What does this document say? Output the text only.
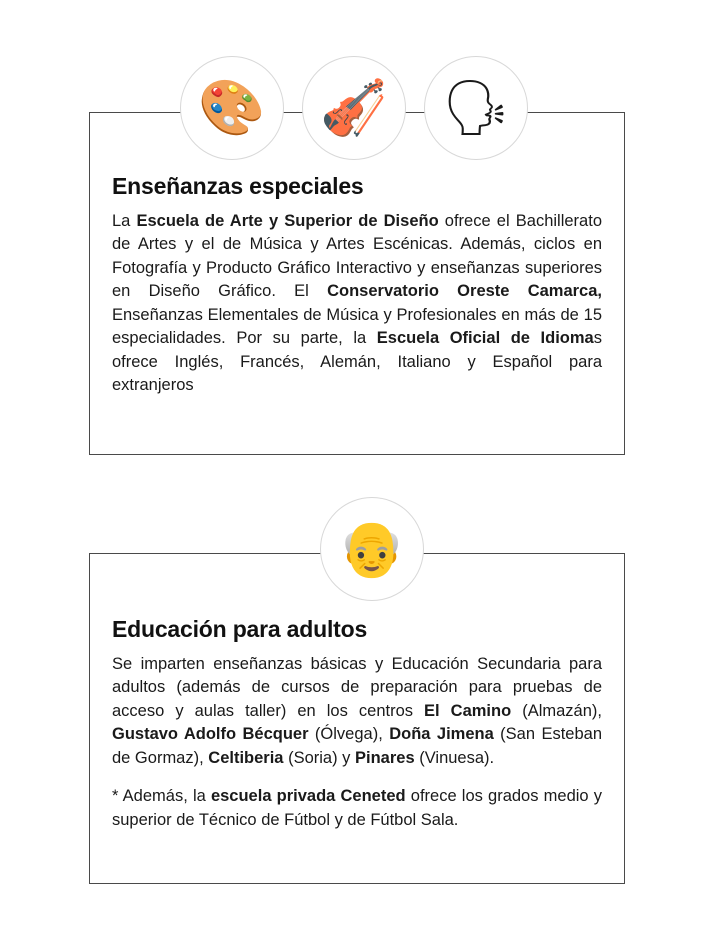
🎨	🎻	🗣
Enseñanzas especiales

La Escuela de Arte y Superior de Diseño ofrece el Bachillerato de Artes y el de Música y Artes Escénicas. Además, ciclos en Fotografía y Producto Gráfico Interactivo y enseñanzas superiores en Diseño Gráfico. El Conservatorio Oreste Camarca, Enseñanzas Elementales de Música y Profesionales en más de 15 especialidades. Por su parte, la Escuela Oficial de Idiomas ofrece Inglés, Francés, Alemán, Italiano y Español para extranjeros

👴
Educación para adultos

Se imparten enseñanzas básicas y Educación Secundaria para adultos (además de cursos de preparación para pruebas de acceso y aulas taller) en los centros El Camino (Almazán), Gustavo Adolfo Bécquer (Ólvega), Doña Jimena (San Esteban de Gormaz), Celtiberia (Soria) y Pinares (Vinuesa).

* Además, la escuela privada Ceneted ofrece los grados medio y superior de Técnico de Fútbol y de Fútbol Sala.
